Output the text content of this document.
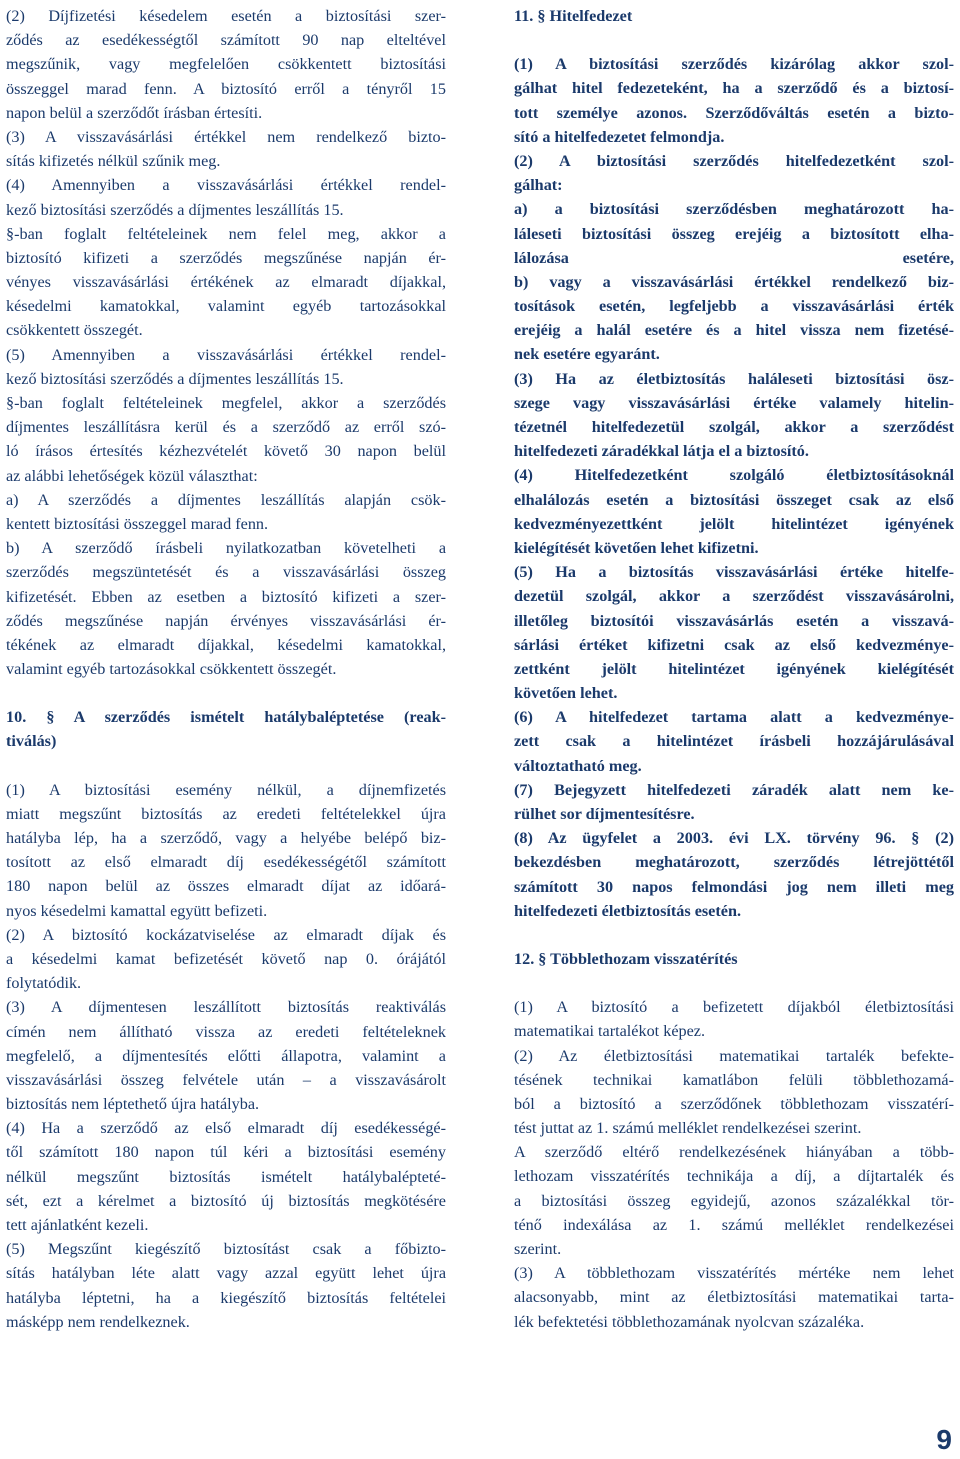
(2) Díjfizetési késedelem esetén a biztosítási szer-
ződés az esedékességtől számított 90 nap elteltével
megszűnik, vagy megfelelően csökkentett biztosítási
összeggel marad fenn. A biztosító erről a tényről 15
napon belül a szerződőt írásban értesíti.
(3) A visszavásárlási értékkel nem rendelkező bizto-
sítás kifizetés nélkül szűnik meg.
(4) Amennyiben a visszavásárlási értékkel rendel-
kező biztosítási szerződés a díjmentes leszállítás 15.
§-ban foglalt feltételeinek nem felel meg, akkor a
biztosító kifizeti a szerződés megszűnése napján ér-
vényes visszavásárlási értékének az elmaradt díjakkal,
késedelmi kamatokkal, valamint egyéb tartozásokkal
csökkentett összegét.
(5) Amennyiben a visszavásárlási értékkel rendel-
kező biztosítási szerződés a díjmentes leszállítás 15.
§-ban foglalt feltételeinek megfelel, akkor a szerződés
díjmentes leszállításra kerül és a szerződő az erről szó-
ló írásos értesítés kézhezvételét követő 30 napon belül
az alábbi lehetőségek közül választhat:
a) A szerződés a díjmentes leszállítás alapján csök-
kentett biztosítási összeggel marad fenn.
b) A szerződő írásbeli nyilatkozatban követelheti a
szerződés megszüntetését és a visszavásárlási összeg
kifizetését. Ebben az esetben a biztosító kifizeti a szer-
ződés megszűnése napján érvényes visszavásárlási ér-
tékének az elmaradt díjakkal, késedelmi kamatokkal,
valamint egyéb tartozásokkal csökkentett összegét.
10. § A szerződés ismételt hatálybaléptetése (reak-
tiválás)
(1) A biztosítási esemény nélkül, a díjnemfizetés
miatt megszűnt biztosítás az eredeti feltételekkel újra
hatályba lép, ha a szerződő, vagy a helyébe belépő biz-
tosított az első elmaradt díj esedékességétől számított
180 napon belül az összes elmaradt díjat az időará-
nyos késedelmi kamattal együtt befizeti.
(2) A biztosító kockázatviselése az elmaradt díjak és
a késedelmi kamat befizetését követő nap 0. órájától
folytatódik.
(3) A díjmentesen leszállított biztosítás reaktiválás
címén nem állítható vissza az eredeti feltételeknek
megfelelő, a díjmentesítés előtti állapotra, valamint a
visszavásárlási összeg felvétele után – a visszavásárolt
biztosítás nem léptethető újra hatályba.
(4) Ha a szerződő az első elmaradt díj esedékességé-
től számított 180 napon túl kéri a biztosítási esemény
nélkül megszűnt biztosítás ismételt hatálybalépteté-
sét, ezt a kérelmet a biztosító új biztosítás megkötésére
tett ajánlatként kezeli.
(5) Megszűnt kiegészítő biztosítást csak a főbizto-
sítás hatályban léte alatt vagy azzal együtt lehet újra
hatályba léptetni, ha a kiegészítő biztosítás feltételei
másképp nem rendelkeznek.
11. § Hitelfedezet
(1) A biztosítási szerződés kizárólag akkor szol-
gálhat hitel fedezeteként, ha a szerződő és a biztosí-
tott személye azonos. Szerződőváltás esetén a bizto-
sító a hitelfedezetet felmondja.
(2) A biztosítási szerződés hitelfedezetként szol-
gálhat:
a) a biztosítási szerződésben meghatározott ha-
láleseti biztosítási összeg erejéig a biztosított elha-
lálozása esetére,
b) vagy a visszavásárlási értékkel rendelkező biz-
tosítások esetén, legfeljebb a visszavásárlási érték
erejéig a halál esetére és a hitel vissza nem fizetésé-
nek esetére egyaránt.
(3) Ha az életbiztosítás haláleseti biztosítási ösz-
szege vagy visszavásárlási értéke valamely hitelin-
tézetnél hitelfedezetül szolgál, akkor a szerződést
hitelfedezeti záradékkal látja el a biztosító.
(4) Hitelfedezetként szolgáló életbiztosításoknál
elhalálozás esetén a biztosítási összeget csak az első
kedvezményezettként jelölt hitelintézet igényének
kielégítését követően lehet kifizetni.
(5) Ha a biztosítás visszavásárlási értéke hitelfe-
dezetül szolgál, akkor a szerződést visszavásárolni,
illetőleg biztosítói visszavásárlás esetén a visszavá-
sárlási értéket kifizetni csak az első kedvezménye-
zettként jelölt hitelintézet igényének kielégítését
követően lehet.
(6) A hitelfedezet tartama alatt a kedvezménye-
zett csak a hitelintézet írásbeli hozzájárulásával
változtatható meg.
(7) Bejegyzett hitelfedezeti záradék alatt nem ke-
rülhet sor díjmentesítésre.
(8) Az ügyfelet a 2003. évi LX. törvény 96. § (2)
bekezdésben meghatározott, szerződés létrejöttétől
számított 30 napos felmondási jog nem illeti meg
hitelfedezeti életbiztosítás esetén.
12. § Többlethozam visszatérítés
(1) A biztosító a befizetett díjakból életbiztosítási
matematikai tartalékot képez.
(2) Az életbiztosítási matematikai tartalék befekte-
tésének technikai kamatlábon felüli többlethozamá-
ból a biztosító a szerződőnek többlethozam visszatérí-
tést juttat az 1. számú melléklet rendelkezései szerint.
A szerződő eltérő rendelkezésének hiányában a több-
lethozam visszatérítés technikája a díj, a díjtartalék és
a biztosítási összeg egyidejű, azonos százalékkal tör-
ténő indexálása az 1. számú melléklet rendelkezései
szerint.
(3) A többlethozam visszatérítés mértéke nem lehet
alacsonyabb, mint az életbiztosítási matematikai tarta-
lék befektetési többlethozamának nyolcvan százaléka.
9
